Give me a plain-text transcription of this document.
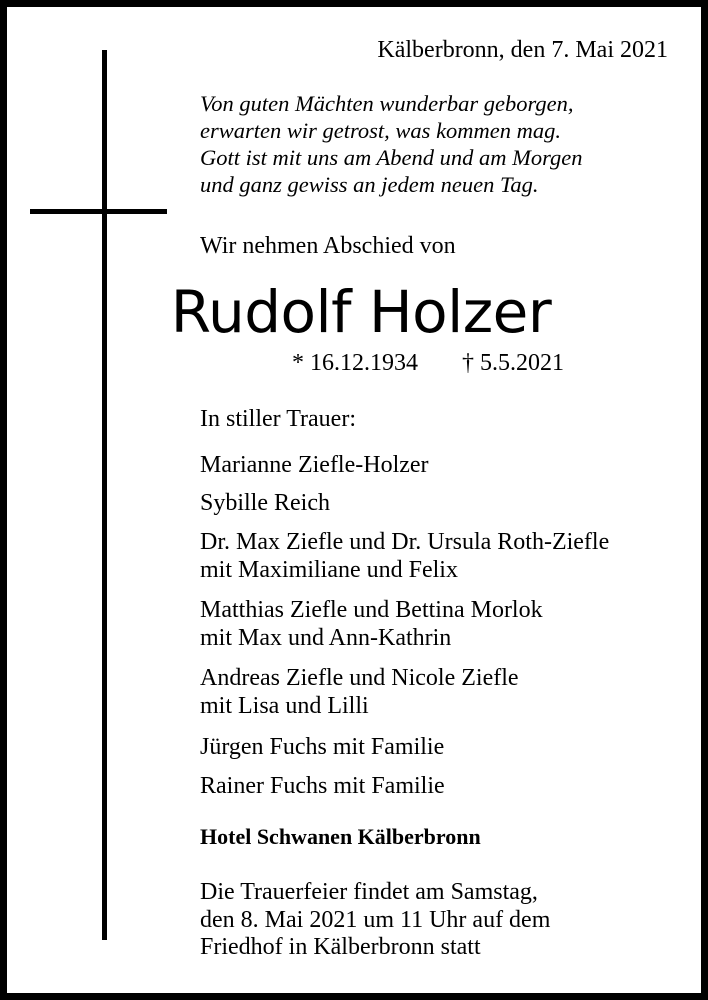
Kälberbronn, den 7. Mai 2021
Von guten Mächten wunderbar geborgen,
erwarten wir getrost, was kommen mag.
Gott ist mit uns am Abend und am Morgen
und ganz gewiss an jedem neuen Tag.
Wir nehmen Abschied von
Rudolf Holzer
* 16.12.1934 † 5.5.2021
In stiller Trauer:
Marianne Ziefle-Holzer
Sybille Reich
Dr. Max Ziefle und Dr. Ursula Roth-Ziefle
mit Maximiliane und Felix
Matthias Ziefle und Bettina Morlok
mit Max und Ann-Kathrin
Andreas Ziefle und Nicole Ziefle
mit Lisa und Lilli
Jürgen Fuchs mit Familie
Rainer Fuchs mit Familie
Hotel Schwanen Kälberbronn
Die Trauerfeier findet am Samstag,
den 8. Mai 2021 um 11 Uhr auf dem
Friedhof in Kälberbronn statt
